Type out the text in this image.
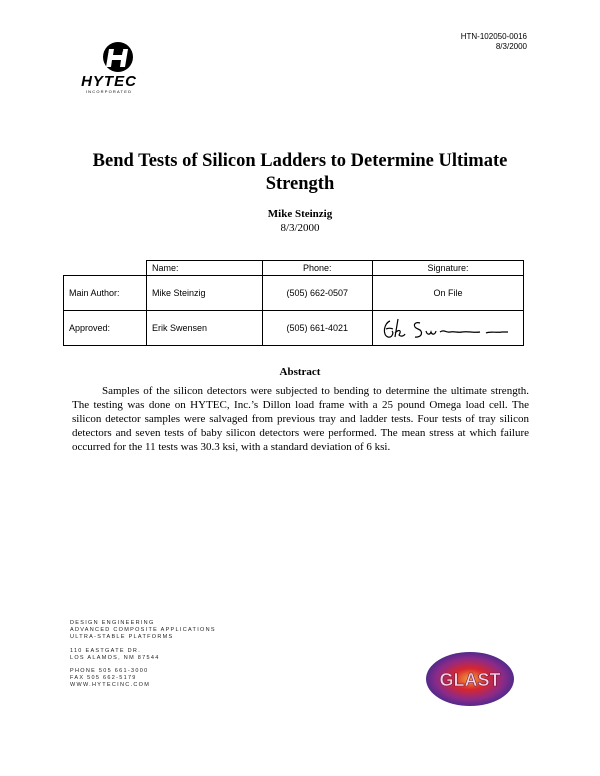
HTN-102050-0016
8/3/2000
HYTEC
INCORPORATED
Bend Tests of Silicon Ladders to Determine Ultimate Strength
Mike Steinzig
8/3/2000
	Name:	Phone:	Signature:
Main Author:	Mike Steinzig	(505) 662-0507	On File
Approved:	Erik Swensen	(505) 661-4021	
Abstract

Samples of the silicon detectors were subjected to bending to determine the ultimate strength. The testing was done on HYTEC, Inc.’s Dillon load frame with a 25 pound Omega load cell. The silicon detector samples were salvaged from previous tray and ladder tests. Four tests of tray silicon detectors and seven tests of baby silicon detectors were performed. The mean stress at which failure occurred for the 11 tests was 30.3 ksi, with a standard deviation of 6 ksi.

DESIGN ENGINEERING
ADVANCED COMPOSITE APPLICATIONS
ULTRA-STABLE PLATFORMS
110 EASTGATE DR.
LOS ALAMOS, NM 87544
PHONE 505 661-3000
FAX 505 662-5179
WWW.HYTECINC.COM	GLAST
